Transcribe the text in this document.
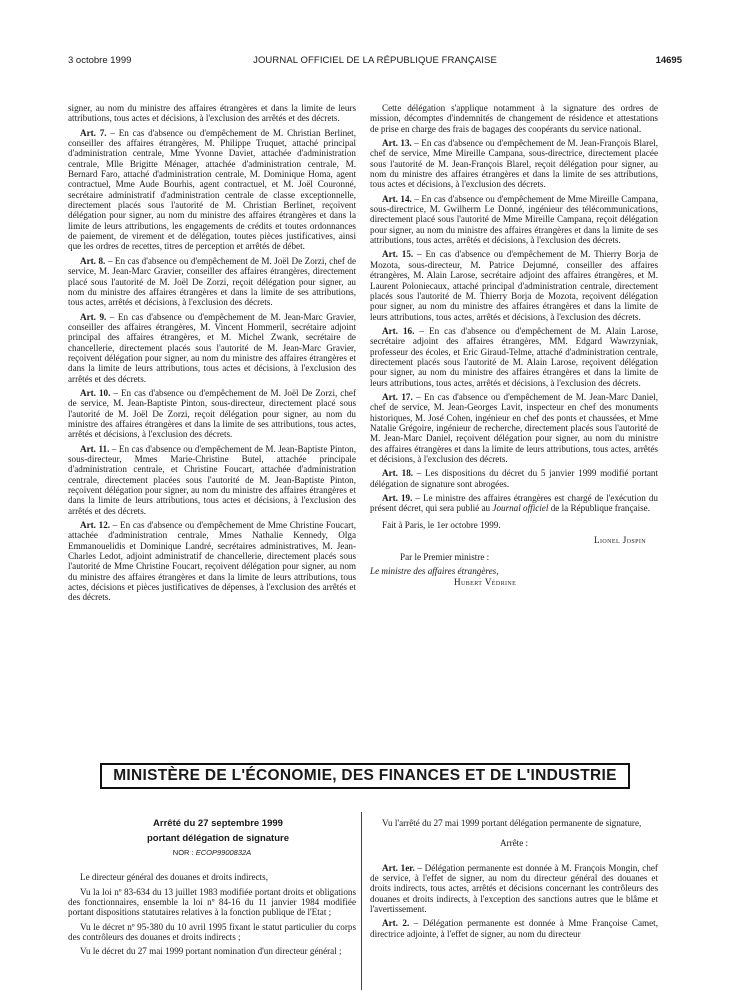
3 octobre 1999	JOURNAL OFFICIEL DE LA RÉPUBLIQUE FRANÇAISE	14695

signer, au nom du ministre des affaires étrangères et dans la limite de leurs attributions, tous actes et décisions, à l'exclusion des arrêtés et des décrets.

Art. 7. – En cas d'absence ou d'empêchement de M. Christian Berlinet, conseiller des affaires étrangères, M. Philippe Truquet, attaché principal d'administration centrale, Mme Yvonne Daviet, attachée d'administration centrale, Mlle Brigitte Ménager, attachée d'administration centrale, M. Bernard Faro, attaché d'administration centrale, M. Dominique Homa, agent contractuel, Mme Aude Bourhis, agent contractuel, et M. Joël Couronné, secrétaire administratif d'administration centrale de classe exceptionnelle, directement placés sous l'autorité de M. Christian Berlinet, reçoivent délégation pour signer, au nom du ministre des affaires étrangères et dans la limite de leurs attributions, les engagements de crédits et toutes ordonnances de paiement, de virement et de délégation, toutes pièces justificatives, ainsi que les ordres de recettes, titres de perception et arrêtés de débet.

Art. 8. – En cas d'absence ou d'empêchement de M. Joël De Zorzi, chef de service, M. Jean-Marc Gravier, conseiller des affaires étrangères, directement placé sous l'autorité de M. Joël De Zorzi, reçoit délégation pour signer, au nom du ministre des affaires étrangères et dans la limite de ses attributions, tous actes, arrêtés et décisions, à l'exclusion des décrets.

Art. 9. – En cas d'absence ou d'empêchement de M. Jean-Marc Gravier, conseiller des affaires étrangères, M. Vincent Hommeril, secrétaire adjoint principal des affaires étrangères, et M. Michel Zwank, secrétaire de chancellerie, directement placés sous l'autorité de M. Jean-Marc Gravier, reçoivent délégation pour signer, au nom du ministre des affaires étrangères et dans la limite de leurs attributions, tous actes et décisions, à l'exclusion des arrêtés et des décrets.

Art. 10. – En cas d'absence ou d'empêchement de M. Joël De Zorzi, chef de service, M. Jean-Baptiste Pinton, sous-directeur, directement placé sous l'autorité de M. Joël De Zorzi, reçoit délégation pour signer, au nom du ministre des affaires étrangères et dans la limite de ses attributions, tous actes, arrêtés et décisions, à l'exclusion des décrets.

Art. 11. – En cas d'absence ou d'empêchement de M. Jean-Baptiste Pinton, sous-directeur, Mmes Marie-Christine Butel, attachée principale d'administration centrale, et Christine Foucart, attachée d'administration centrale, directement placées sous l'autorité de M. Jean-Baptiste Pinton, reçoivent délégation pour signer, au nom du ministre des affaires étrangères et dans la limite de leurs attributions, tous actes et décisions, à l'exclusion des arrêtés et des décrets.

Art. 12. – En cas d'absence ou d'empêchement de Mme Christine Foucart, attachée d'administration centrale, Mmes Nathalie Kennedy, Olga Emmanouelidis et Dominique Landré, secrétaires administratives, M. Jean-Charles Ledot, adjoint administratif de chancellerie, directement placés sous l'autorité de Mme Christine Foucart, reçoivent délégation pour signer, au nom du ministre des affaires étrangères et dans la limite de leurs attributions, tous actes, décisions et pièces justificatives de dépenses, à l'exclusion des arrêtés et des décrets.

Cette délégation s'applique notamment à la signature des ordres de mission, décomptes d'indemnités de changement de résidence et attestations de prise en charge des frais de bagages des coopérants du service national.

Art. 13. – En cas d'absence ou d'empêchement de M. Jean-François Blarel, chef de service, Mme Mireille Campana, sous-directrice, directement placée sous l'autorité de M. Jean-François Blarel, reçoit délégation pour signer, au nom du ministre des affaires étrangères et dans la limite de ses attributions, tous actes et décisions, à l'exclusion des décrets.

Art. 14. – En cas d'absence ou d'empêchement de Mme Mireille Campana, sous-directrice, M. Gwilherm Le Donné, ingénieur des télécommunications, directement placé sous l'autorité de Mme Mireille Campana, reçoit délégation pour signer, au nom du ministre des affaires étrangères et dans la limite de ses attributions, tous actes, arrêtés et décisions, à l'exclusion des décrets.

Art. 15. – En cas d'absence ou d'empêchement de M. Thierry Borja de Mozota, sous-directeur, M. Patrice Dejumné, conseiller des affaires étrangères, M. Alain Larose, secrétaire adjoint des affaires étrangères, et M. Laurent Poloniecaux, attaché principal d'administration centrale, directement placés sous l'autorité de M. Thierry Borja de Mozota, reçoivent délégation pour signer, au nom du ministre des affaires étrangères et dans la limite de leurs attributions, tous actes, arrêtés et décisions, à l'exclusion des décrets.

Art. 16. – En cas d'absence ou d'empêchement de M. Alain Larose, secrétaire adjoint des affaires étrangères, MM. Edgard Wawrzyniak, professeur des écoles, et Eric Giraud-Telme, attaché d'administration centrale, directement placés sous l'autorité de M. Alain Larose, reçoivent délégation pour signer, au nom du ministre des affaires étrangères et dans la limite de leurs attributions, tous actes, arrêtés et décisions, à l'exclusion des décrets.

Art. 17. – En cas d'absence ou d'empêchement de M. Jean-Marc Daniel, chef de service, M. Jean-Georges Lavit, inspecteur en chef des monuments historiques, M. José Cohen, ingénieur en chef des ponts et chaussées, et Mme Natalie Grégoire, ingénieur de recherche, directement placés sous l'autorité de M. Jean-Marc Daniel, reçoivent délégation pour signer, au nom du ministre des affaires étrangères et dans la limite de leurs attributions, tous actes, arrêtés et décisions, à l'exclusion des décrets.

Art. 18. – Les dispositions du décret du 5 janvier 1999 modifié portant délégation de signature sont abrogées.

Art. 19. – Le ministre des affaires étrangères est chargé de l'exécution du présent décret, qui sera publié au Journal officiel de la République française.

Fait à Paris, le 1er octobre 1999.

Lionel Jospin
Par le Premier ministre :
Le ministre des affaires étrangères,
Hubert Védrine
MINISTÈRE DE L'ÉCONOMIE, DES FINANCES ET DE L'INDUSTRIE

Arrêté du 27 septembre 1999

portant délégation de signature

NOR : ECOP9900832A

Le directeur général des douanes et droits indirects,

Vu la loi nº 83-634 du 13 juillet 1983 modifiée portant droits et obligations des fonctionnaires, ensemble la loi nº 84-16 du 11 janvier 1984 modifiée portant dispositions statutaires relatives à la fonction publique de l'Etat ;

Vu le décret nº 95-380 du 10 avril 1995 fixant le statut particulier du corps des contrôleurs des douanes et droits indirects ;

Vu le décret du 27 mai 1999 portant nomination d'un directeur général ;

Vu l'arrêté du 27 mai 1999 portant délégation permanente de signature,

Arrête :

Art. 1er. – Délégation permanente est donnée à M. François Mongin, chef de service, à l'effet de signer, au nom du directeur général des douanes et droits indirects, tous actes, arrêtés et décisions concernant les contrôleurs des douanes et droits indirects, à l'exception des sanctions autres que le blâme et l'avertissement.

Art. 2. – Délégation permanente est donnée à Mme Françoise Camet, directrice adjointe, à l'effet de signer, au nom du directeur
